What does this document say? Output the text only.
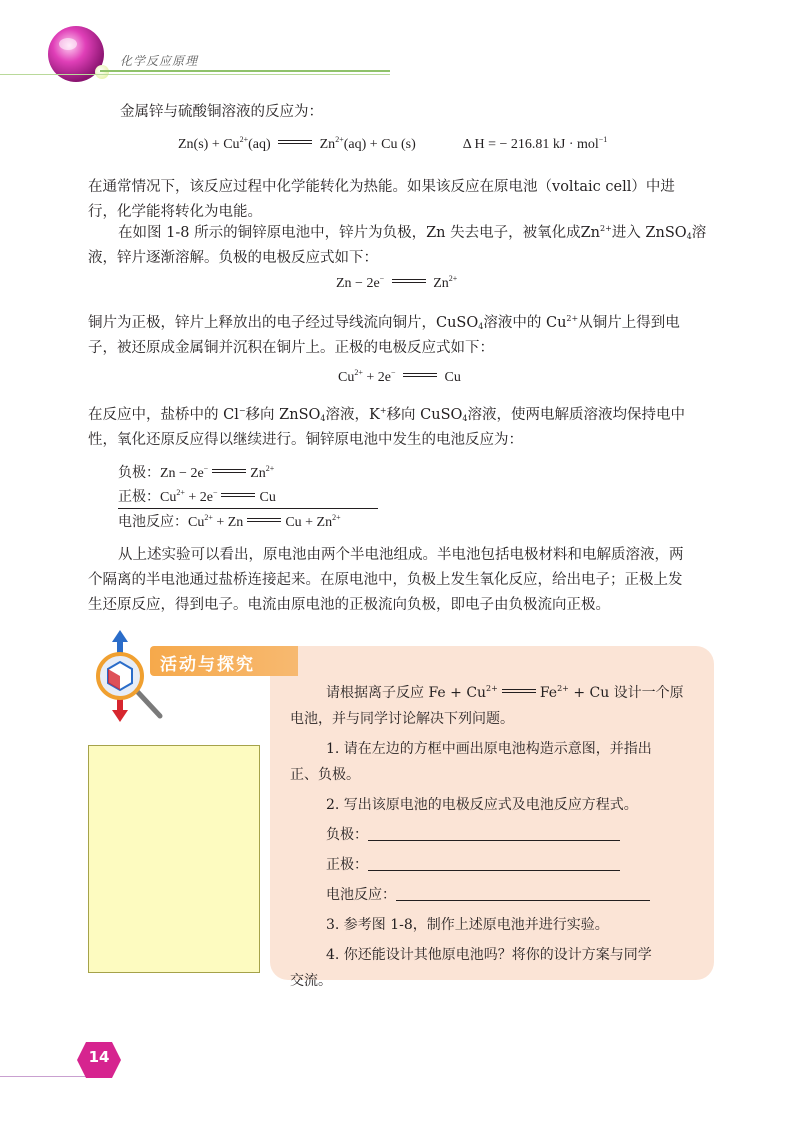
化学反应原理
金属锌与硫酸铜溶液的反应为：
$Zn(s) + Cu^{2+}(aq)$	$Zn^{2+}(aq) + Cu$ (s)	Δ H = − 216.81 kJ · mol$^{-1}$
在通常情况下，该反应过程中化学能转化为热能。如果该反应在原电池（voltaic cell）中进
行，化学能将转化为电能。
在如图 1-8 所示的铜锌原电池中，锌片为负极，Zn 失去电子，被氧化成$Zn^{2+}$进入 ZnSO$_4$溶
液，锌片逐渐溶解。负极的电极反应式如下：
Zn − 2e−	$Zn^{2+}$
铜片为正极，锌片上释放出的电子经过导线流向铜片，CuSO$_4$溶液中的 $Cu^{2+}$从铜片上得到电
子，被还原成金属铜并沉积在铜片上。正极的电极反应式如下：
$Cu^{2+} + 2e^-$	Cu
在反应中，盐桥中的 Cl−移向 ZnSO$_4$溶液，K+移向 CuSO$_4$溶液，使两电解质溶液均保持电中
性，氧化还原反应得以继续进行。铜锌原电池中发生的电池反应为：
负极：Zn − 2e−	$Zn^{2+}$
正极：$Cu^{2+} + 2e^-$	Cu
电池反应：$Cu^{2+} + Zn$	$Cu + Zn^{2+}$
从上述实验可以看出，原电池由两个半电池组成。半电池包括电极材料和电解质溶液，两
个隔离的半电池通过盐桥连接起来。在原电池中，负极上发生氧化反应，给出电子；正极上发
生还原反应，得到电子。电流由原电池的正极流向负极，即电子由负极流向正极。
活动与探究
请根据离子反应 $Fe + Cu^{2+}$	$Fe^{2+} + Cu$ 设计一个原
电池，并与同学讨论解决下列问题。
1. 请在左边的方框中画出原电池构造示意图，并指出
正、负极。
2. 写出该原电池的电极反应式及电池反应方程式。
负极：
正极：
电池反应：
3. 参考图 1-8，制作上述原电池并进行实验。
4. 你还能设计其他原电池吗？将你的设计方案与同学
交流。
14
